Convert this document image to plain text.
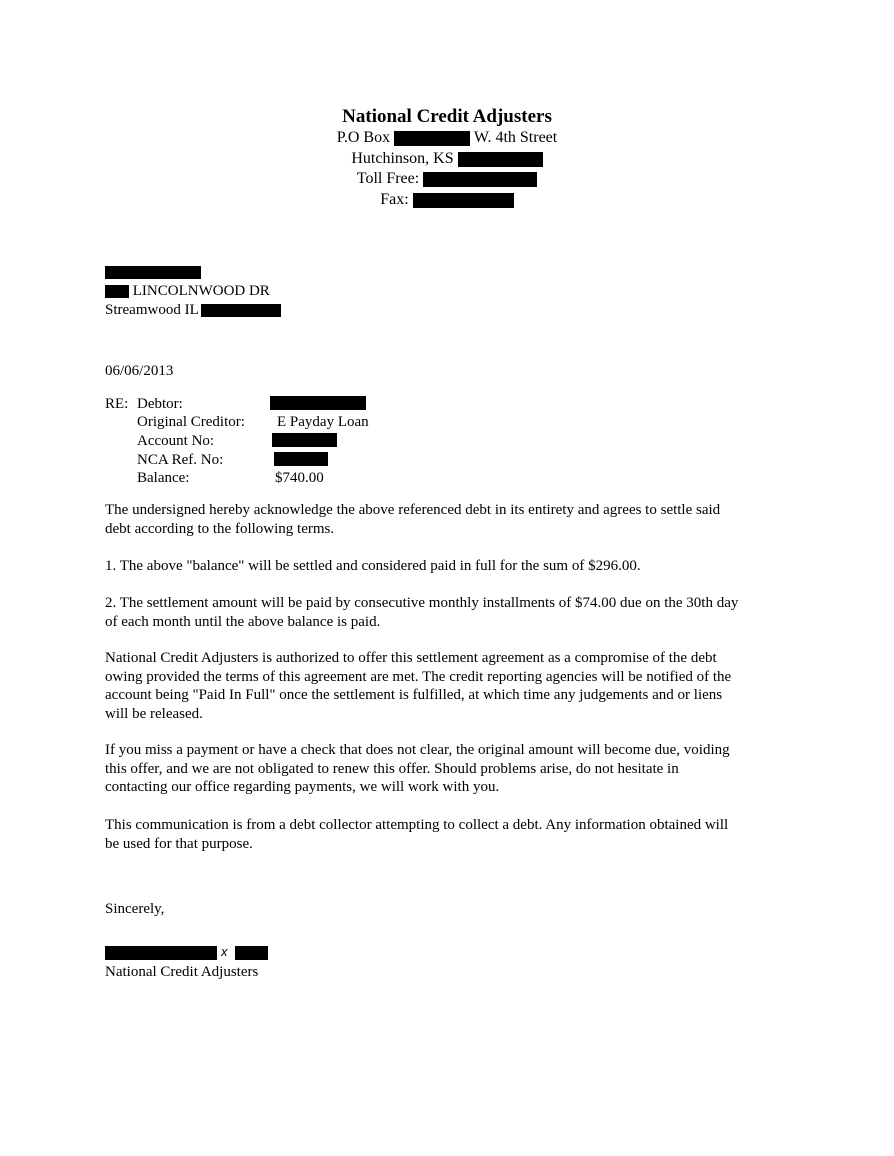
National Credit Adjusters
P.O Box	W. 4th Street
Hutchinson, KS
Toll Free:
Fax:
LINCOLNWOOD DR
Streamwood IL
06/06/2013
RE: Debtor:
Original Creditor: E Payday Loan
Account No:
NCA Ref. No:
Balance:	$740.00
The undersigned hereby acknowledge the above referenced debt in its entirety and agrees to settle said
debt according to the following terms.
1. The above "balance" will be settled and considered paid in full for the sum of $296.00.
2. The settlement amount will be paid by consecutive monthly installments of $74.00 due on the 30th day
of each month until the above balance is paid.
National Credit Adjusters is authorized to offer this settlement agreement as a compromise of the debt
owing provided the terms of this agreement are met. The credit reporting agencies will be notified of the
account being "Paid In Full" once the settlement is fulfilled, at which time any judgements and or liens
will be released.
If you miss a payment or have a check that does not clear, the original amount will become due, voiding
this offer, and we are not obligated to renew this offer. Should problems arise, do not hesitate in
contacting our office regarding payments, we will work with you.
This communication is from a debt collector attempting to collect a debt. Any information obtained will
be used for that purpose.
Sincerely,
x
National Credit Adjusters
